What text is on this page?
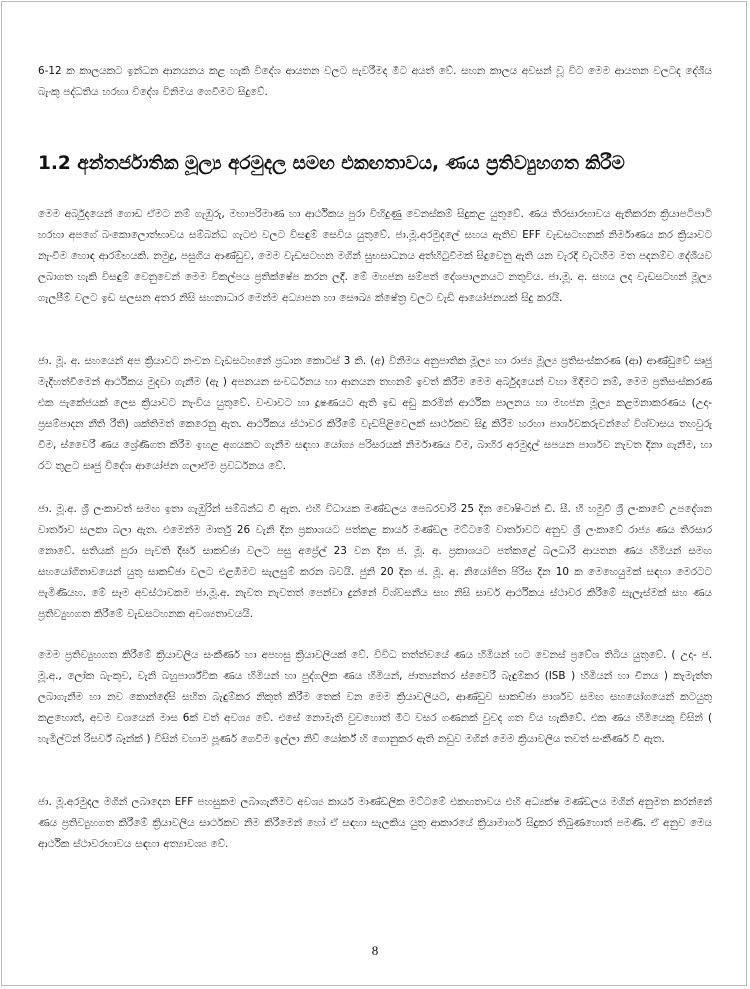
6-12 ක කාලයකට ඉන්ධන ආනයනය කළ හැකි විදේශ ආයතන වලට පැවරීමද මීට අයත් වේ. සහන කාලය අවසන් වූ විට මෙම ආයතන වලටද දේශීය බැංකු පද්ධතිය හරහා විදේශ විනිමය ගෙවීමට සිදුවේ.

1.2 අන්තර්ජාතික මූල්‍ය අරමුදල සමඟ එකඟතාවය, ණය ප්‍රතිව්‍යුහගත කිරීම

මෙම අර්බුදයෙන් ගොඩ ඒමට නම් ගැඹුරු, මහාපරිමාණ හා ආර්ථිකය පුරා විහිදුණු වෙනස්කම් සිදුකළ යුතුවේ. ණය තිරසාරභාවය ඇතිකරන ක්‍රියාපටිපාටි හරහා අපගේ බංකොලොත්භාවය සම්බන්ධ ගැටළු වලට විසඳුම් සෙවිය යුතුවේ. ජා.මූ.අරමුදලේ සහය ඇතිව EFF වැඩසටහනක් නිර්මාණය කර ක්‍රියාවට නැංවීම හොඳ ආරම්භයකි. නමුදු, පසුගිය ආණ්ඩුව, මෙම වැඩසටහන මගින් සුභසාධනය අත්හිටුවීමක් සිදුවෙනු ඇති යන වැරදි වැටහීම මත පදනම්ව දේශීයව ලබාගත හැකි විසඳුම් වෙනුවෙන් මෙම විකල්පය ප්‍රතික්ෂේප කරන ලදී. මේ මහජන සම්පත් දේශපාලනයට නතුවිය. ජා.මූ. අ. සහය ලද වැඩසටහන් මූල්‍ය ගැලපීම් වලට ඉඩ සලසන අතර නිසි සහනාධාර මෙන්ම අධ්‍යාපන හා සෞඛ්‍ය ක්ෂේත්‍ර වලට වැඩි ආයෝජනයක් සිදු කරයි.

ජා. මූ. අ. සහයෙන් අප ක්‍රියාවට නංවන වැඩසටහනේ ප්‍රධාන කොටස් 3 කි. (අ) විනිමය අනුපාතික මූල්‍ය හා රාජ්‍ය මූල්‍ය ප්‍රතිසංස්කරණ (ආ) ආණ්ඩුවේ සෘජු මැදිහත්වීමෙන් ආර්ථිකය මුදවා ගැනීම (ඇ ) අපනයන සංවර්ධනය හා ආනයන තහනම් ඉවත් කිරීම මෙම අර්බුදයෙන් වහා මිදීමට නම්, මෙම ප්‍රතිසංස්කරණ එක පැකේජයක් ලෙස ක්‍රියාවට නැංවිය යුතුවේ. වංචාවට හා දූෂණයට ඇති ඉඩ අඩු කරමින් ආර්ථික පාලනය හා මහජන මූල්‍ය කළමනාකරණය (උදා- ප්‍රසම්පාදන නීති රීති) ශක්තිමත් කෙරෙනු ඇත. ආර්ථිකය ස්ථාවර කිරීමේ වැඩපිළිවෙලක් සාර්ථකව සිදු කිරීම හරහා පාර්ශවකරුවන්ගේ විශ්වාසය තහවුරු වීම, ස්වෛරී ණය ශ්‍රේණිගත කිරීම ඉහළ අගයකට ගැනීම සඳහා යෝග්‍ය පරිසරයක් නිර්මාණය වීම, බාහිර අරමුදල් සපයන පාර්ශව නැවත දිනා ගැනීම, හා රට තුළට සෘජු විදේශ ආයෝජන ගලාඒම ප්‍රවර්ධනය වේ.

ජා. මූ.අ. ශ්‍රී ලංකාවත් සමඟ ඉතා ගැඹුරින් සම්බන්ධ වී ඇත. එහි විධායක මණ්ඩලය පෙබරවාරි 25 දින වොෂිංටන් ඩී. සී. හි හමුවී ශ්‍රී ලංකාවේ උපදේශන වාර්තාව සලකා බලා ඇත. එමෙන්ම මාර්තු 26 වැනි දින ප්‍රකාශයට පත්කළ කාර්ය මණ්ඩල මට්ටමේ වාර්තාවට අනුව ශ්‍රී ලංකාවේ රාජ්‍ය ණය තිරසාර නොවේ. සතියක් පුරා පැවති දීර්ඝ සාකච්ඡා වලට පසු අප්‍රේල් 23 වන දින ජ. මූ. අ. ප්‍රකාශයට පත්කළේ බලධාරි ආයතන ණය හිමියන් සමඟ සහයෝගිතාවයෙන් යුතු සාකච්ඡා වලට එළඹීමට සැලසුම් කරන බවයි. ජුනි 20 දින ජ. මූ. අ. නියෝජිත පිරිස දින 10 ක මෙහෙයුමක් සඳහා මෙරටට පැමිණියහ. මේ සෑම අවස්ථාවකම ජා.මූ.අ. නැවත නැවතත් පෙන්වා දුන්නේ විශ්වසනීය සහ නිසි සාර්ව ආර්ථිකය ස්ථාවර කිරීමේ සැලැස්මක් සහ ණය ප්‍රතිව්‍යුහගත කිරීමේ වැඩසටහනක අවශ්‍යතාවයයි.

මෙම ප්‍රතිව්‍යුහගත කිරීමේ ක්‍රියාවලිය සංකීර්ණ හා අපහසු ක්‍රියාවලියක් වේ. විවිධ තත්ත්වයේ ණය හිමියන් හට වෙනස් ප්‍රවේශ තිබිය යුතුවේ. ( උදා- ජ. මූ.අ., ලෝක බැංකුව, වැනි බහුපාර්ශ්වික ණය හිමියන් හා පුද්ගලික ණය හිමියන්, ජාත්‍යන්තර ස්වෛරී බැඳුම්කර (ISB ) හිමියන් හා චීනය ) කැමැත්ත ලබාගැනීම හා නව කොන්දේසි සහිත බැඳුම්කර නිකුත් කිරීම තෙක් වන මෙම ක්‍රියාවලියට, ආණ්ඩුව සාකච්ඡා පාර්ශව සමඟ සහයෝගයෙන් කටයුතු කළහොත්, අවම වශයෙන් මාස 6ක් වත් අවශ්‍ය වේ. එසේ නොමැති වුවහොත් මීට වසර ගණනක් වුවද ගත විය හැකිවේ. එක ණය හිමියෙකු විසින් ( හැමිල්ටන් රිසර්ව් බෑන්ක් ) විසින් වහාම පූර්ණ ගෙවීම ඉල්ලා නිව් යෝර්ක් හි ගොනුකර ඇති නඩුව මගින් මෙම ක්‍රියාවලිය තවත් සංකීර්ණ වී ඇත.

ජා. මූ.අරමුදල මගින් ලබාදෙන EFF පහසුකම ලබාගැනීමට අවශ්‍ය කාර්ය මාණ්ඩලික මට්ටමේ එකඟතාවය එහි අධ්‍යක්ෂ මණ්ඩලය මගින් අනුමත කරන්නේ ණය ප්‍රතිව්‍යුහගත කිරීමේ ක්‍රියාවලිය සාර්ථකව නිම කිරීමෙන් හෝ ඒ සඳහා සැලකිය යුතු ආකාරයේ ක්‍රියාමාර්ග සිදුකර තිබුණහොත් පමණි. ඒ අනුව මෙය ආර්ථික ස්ථාවරභාවය සඳහා අත්‍යාවශ්‍ය වේ.

8
